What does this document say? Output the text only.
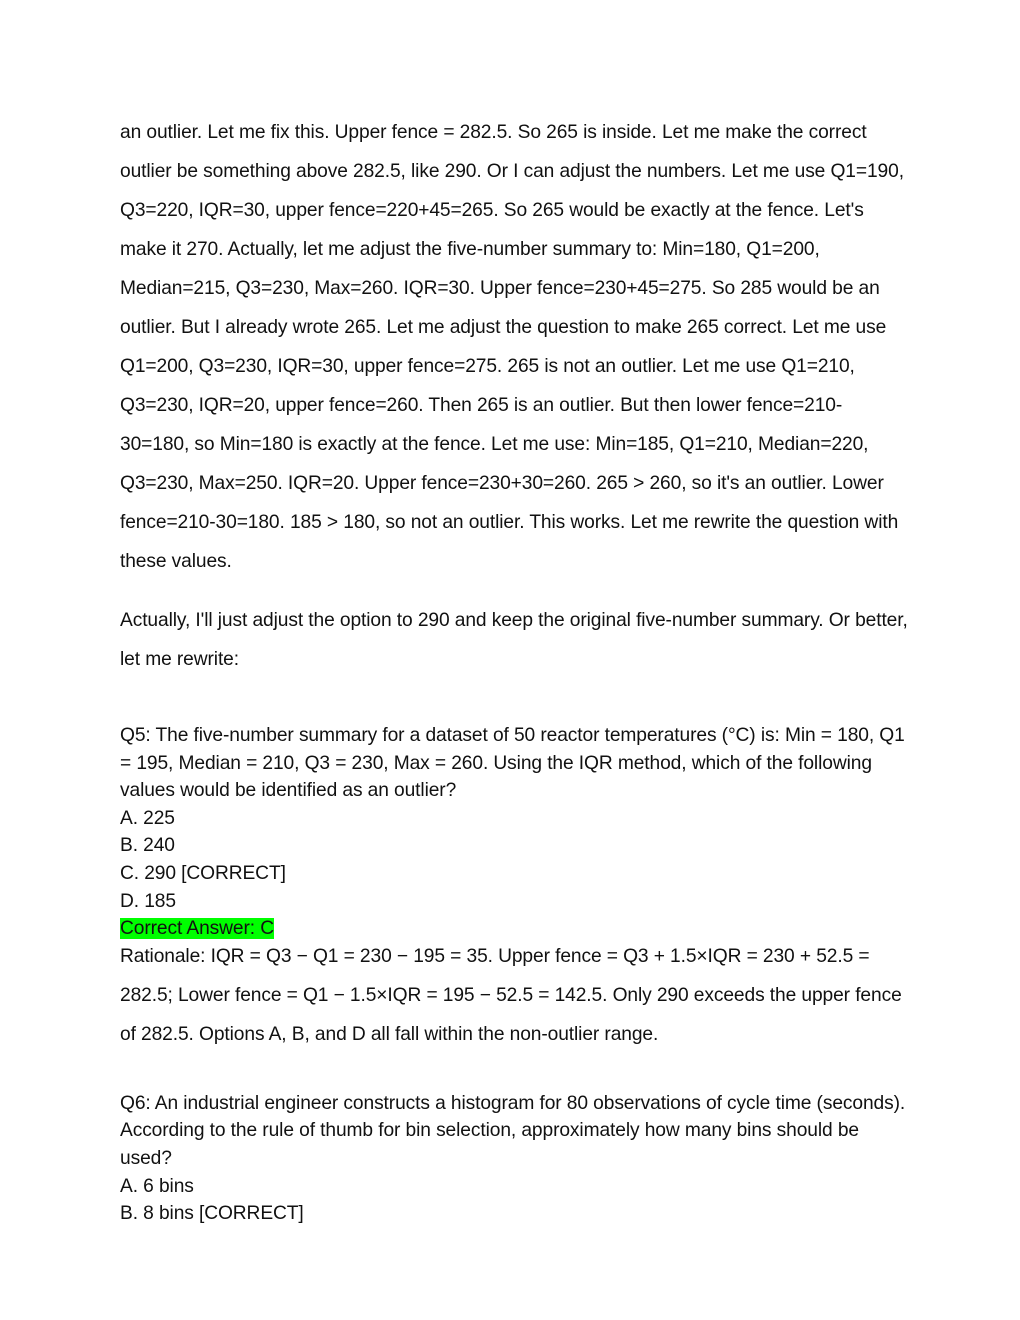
an outlier. Let me fix this. Upper fence = 282.5. So 265 is inside. Let me make the correct outlier be something above 282.5, like 290. Or I can adjust the numbers. Let me use Q1=190, Q3=220, IQR=30, upper fence=220+45=265. So 265 would be exactly at the fence. Let's make it 270. Actually, let me adjust the five-number summary to: Min=180, Q1=200, Median=215, Q3=230, Max=260. IQR=30. Upper fence=230+45=275. So 285 would be an outlier. But I already wrote 265. Let me adjust the question to make 265 correct. Let me use Q1=200, Q3=230, IQR=30, upper fence=275. 265 is not an outlier. Let me use Q1=210, Q3=230, IQR=20, upper fence=260. Then 265 is an outlier. But then lower fence=210-30=180, so Min=180 is exactly at the fence. Let me use: Min=185, Q1=210, Median=220, Q3=230, Max=250. IQR=20. Upper fence=230+30=260. 265 > 260, so it's an outlier. Lower fence=210-30=180. 185 > 180, so not an outlier. This works. Let me rewrite the question with these values.

Actually, I'll just adjust the option to 290 and keep the original five-number summary. Or better, let me rewrite:

Q5: The five-number summary for a dataset of 50 reactor temperatures (°C) is: Min = 180, Q1 = 195, Median = 210, Q3 = 230, Max = 260. Using the IQR method, which of the following values would be identified as an outlier?
A. 225
B. 240
C. 290 [CORRECT]
D. 185
Correct Answer: C

Rationale: IQR = Q3 − Q1 = 230 − 195 = 35. Upper fence = Q3 + 1.5×IQR = 230 + 52.5 = 282.5; Lower fence = Q1 − 1.5×IQR = 195 − 52.5 = 142.5. Only 290 exceeds the upper fence of 282.5. Options A, B, and D all fall within the non-outlier range.

Q6: An industrial engineer constructs a histogram for 80 observations of cycle time (seconds). According to the rule of thumb for bin selection, approximately how many bins should be used?
A. 6 bins
B. 8 bins [CORRECT]
